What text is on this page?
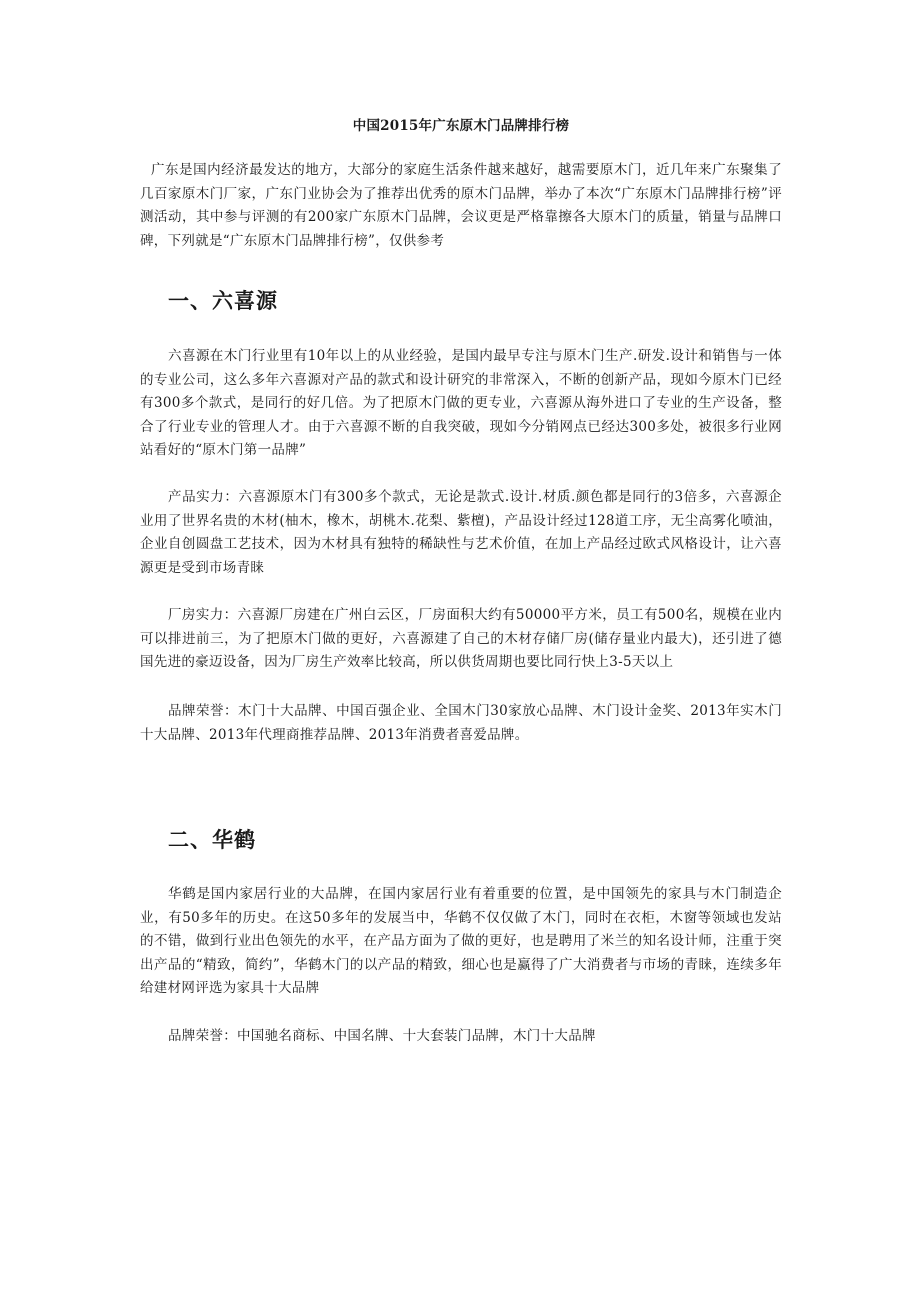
中国2015年广东原木门品牌排行榜

广东是国内经济最发达的地方，大部分的家庭生活条件越来越好，越需要原木门，近几年来广东聚集了几百家原木门厂家，广东门业协会为了推荐出优秀的原木门品牌，举办了本次“广东原木门品牌排行榜”评测活动，其中参与评测的有200家广东原木门品牌，会议更是严格靠擦各大原木门的质量，销量与品牌口碑，下列就是“广东原木门品牌排行榜”，仅供参考

一、六喜源

六喜源在木门行业里有10年以上的从业经验，是国内最早专注与原木门生产.研发.设计和销售与一体的专业公司，这么多年六喜源对产品的款式和设计研究的非常深入，不断的创新产品，现如今原木门已经有300多个款式，是同行的好几倍。为了把原木门做的更专业，六喜源从海外进口了专业的生产设备，整合了行业专业的管理人才。由于六喜源不断的自我突破，现如今分销网点已经达300多处，被很多行业网站看好的“原木门第一品牌”

产品实力：六喜源原木门有300多个款式，无论是款式.设计.材质.颜色都是同行的3倍多，六喜源企业用了世界名贵的木材(柚木，橡木，胡桃木.花梨、紫檀)，产品设计经过128道工序，无尘高雾化喷油，企业自创圆盘工艺技术，因为木材具有独特的稀缺性与艺术价值，在加上产品经过欧式风格设计，让六喜源更是受到市场青睐

厂房实力：六喜源厂房建在广州白云区，厂房面积大约有50000平方米，员工有500名，规模在业内可以排进前三，为了把原木门做的更好，六喜源建了自己的木材存储厂房(储存量业内最大)，还引进了德国先进的豪迈设备，因为厂房生产效率比较高，所以供货周期也要比同行快上3-5天以上

品牌荣誉：木门十大品牌、中国百强企业、全国木门30家放心品牌、木门设计金奖、2013年实木门十大品牌、2013年代理商推荐品牌、2013年消费者喜爱品牌。

二、华鹤

华鹤是国内家居行业的大品牌，在国内家居行业有着重要的位置，是中国领先的家具与木门制造企业，有50多年的历史。在这50多年的发展当中，华鹤不仅仅做了木门，同时在衣柜，木窗等领域也发站的不错，做到行业出色领先的水平，在产品方面为了做的更好，也是聘用了米兰的知名设计师，注重于突出产品的“精致，简约”，华鹤木门的以产品的精致，细心也是赢得了广大消费者与市场的青睐，连续多年给建材网评选为家具十大品牌

品牌荣誉：中国驰名商标、中国名牌、十大套装门品牌，木门十大品牌
